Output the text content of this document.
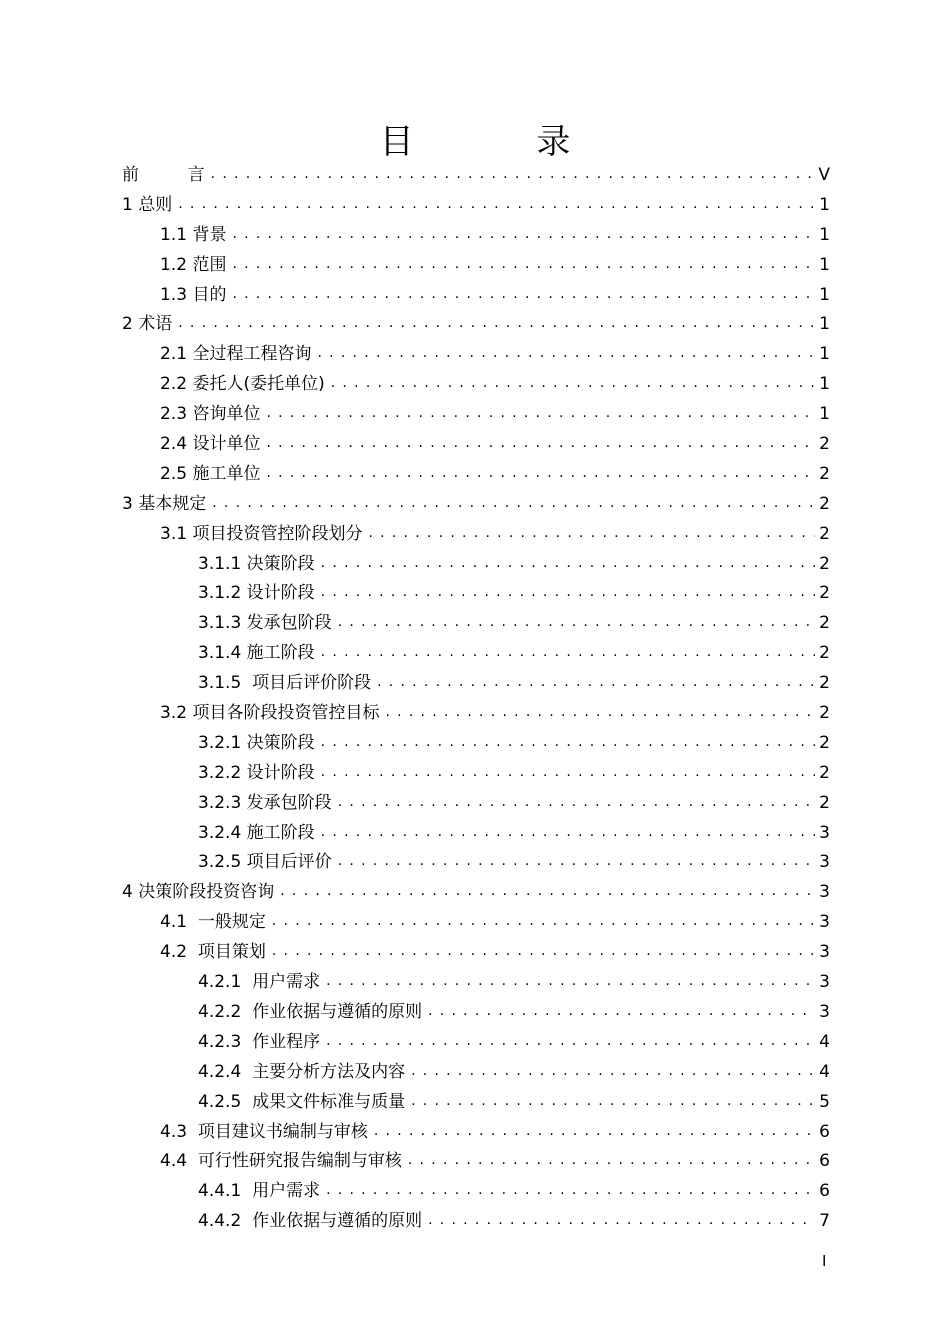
目 录
前         言 . . .	V
1 总则 . . .	1
1.1 背景 . . .	1
1.2 范围 . . .	1
1.3 目的 . . .	1
2 术语 . . .	1
2.1 全过程工程咨询 . . .	1
2.2 委托人(委托单位) . . .	1
2.3 咨询单位 . . .	1
2.4 设计单位 . . .	2
2.5 施工单位 . . .	2
3 基本规定 . . .	2
3.1 项目投资管控阶段划分 . . .	2
3.1.1 决策阶段 . . .	2
3.1.2 设计阶段 . . .	2
3.1.3 发承包阶段 . . .	2
3.1.4 施工阶段 . . .	2
3.1.5  项目后评价阶段 . . .	2
3.2 项目各阶段投资管控目标 . . .	2
3.2.1 决策阶段 . . .	2
3.2.2 设计阶段 . . .	2
3.2.3 发承包阶段 . . .	2
3.2.4 施工阶段 . . .	3
3.2.5 项目后评价 . . .	3
4 决策阶段投资咨询 . . .	3
4.1  一般规定 . . .	3
4.2  项目策划 . . .	3
4.2.1  用户需求 . . .	3
4.2.2  作业依据与遵循的原则 . . .	3
4.2.3  作业程序 . . .	4
4.2.4  主要分析方法及内容 . . .	4
4.2.5  成果文件标准与质量 . . .	5
4.3  项目建议书编制与审核 . . .	6
4.4  可行性研究报告编制与审核 . . .	6
4.4.1  用户需求 . . .	6
4.4.2  作业依据与遵循的原则 . . .	7
I
